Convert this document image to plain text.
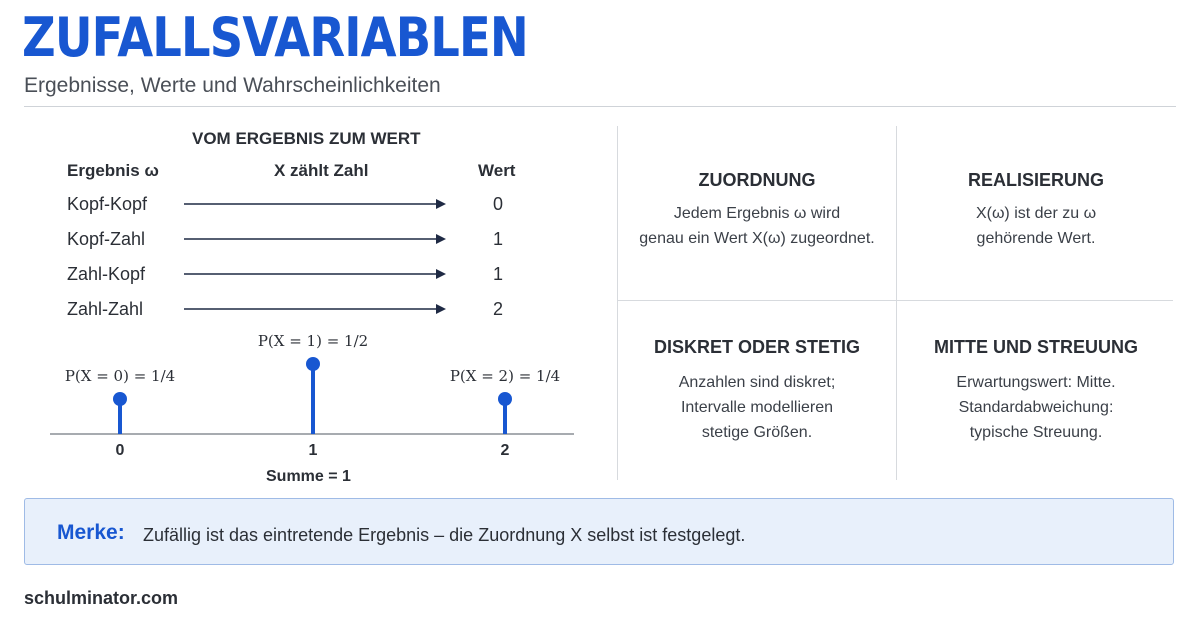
ZUFALLSVARIABLEN
Ergebnisse, Werte und Wahrscheinlichkeiten
VOM ERGEBNIS ZUM WERT
Ergebnis ω	X zählt Zahl	Wert
Kopf-Kopf	0
Kopf-Zahl	1
Zahl-Kopf	1
Zahl-Zahl	2
P(X = 0) = 1/4
P(X = 1) = 1/2
P(X = 2) = 1/4
0	1	2
Summe = 1
ZUORDNUNG
Jedem Ergebnis ω wird
genau ein Wert X(ω) zugeordnet.
REALISIERUNG
X(ω) ist der zu ω
gehörende Wert.
DISKRET ODER STETIG
Anzahlen sind diskret;
Intervalle modellieren
stetige Größen.
MITTE UND STREUUNG
Erwartungswert: Mitte.
Standardabweichung:
typische Streuung.
Merke: Zufällig ist das eintretende Ergebnis – die Zuordnung X selbst ist festgelegt.
schulminator.com
